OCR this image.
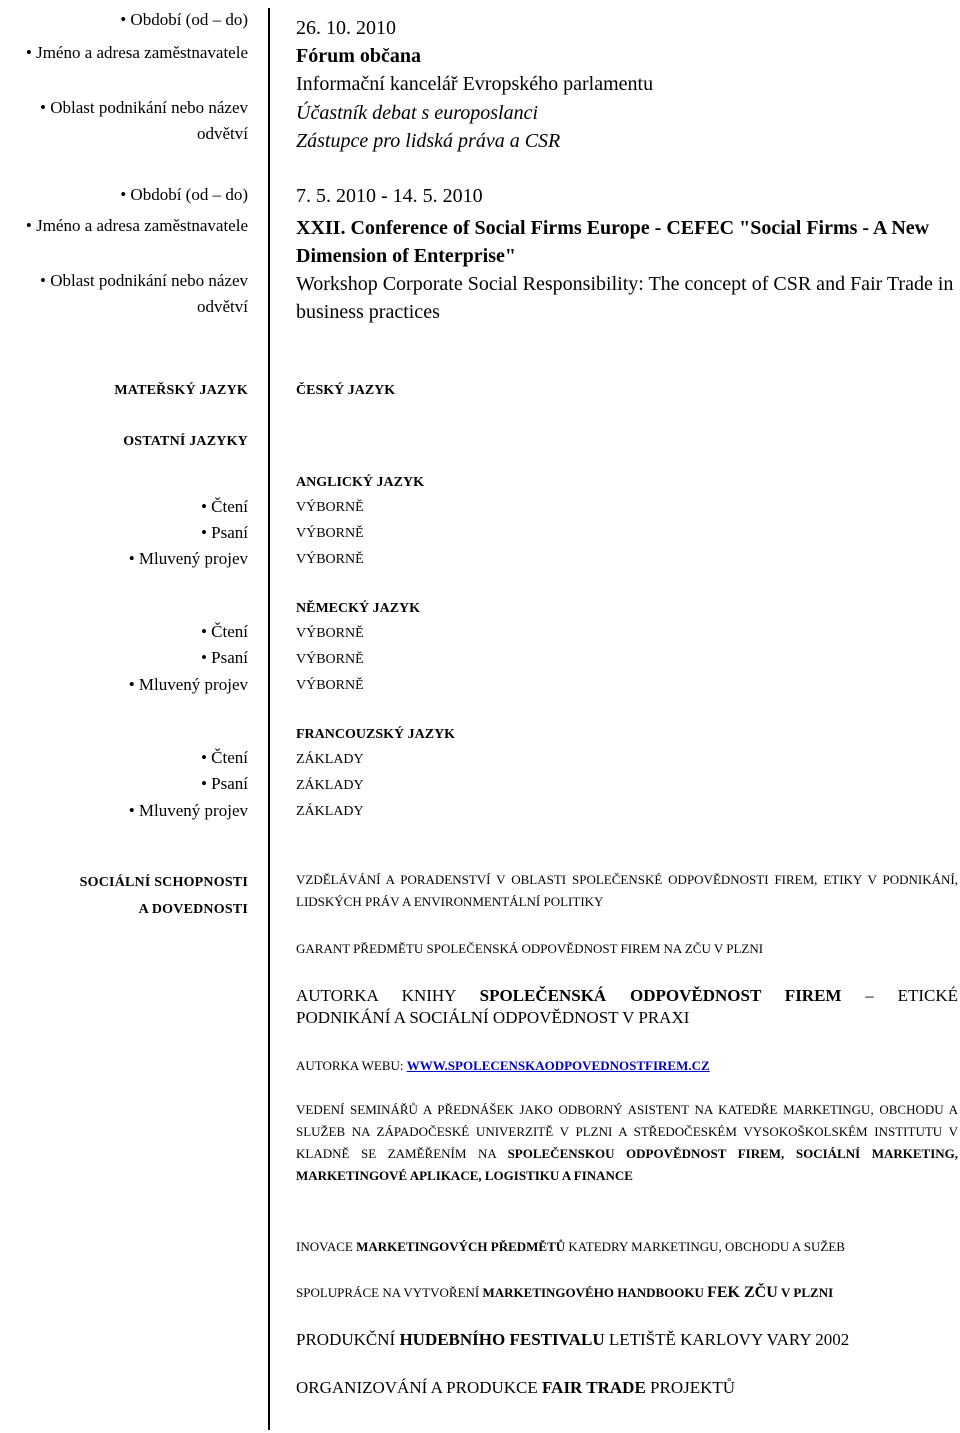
• Období (od – do)
• Jméno a adresa zaměstnavatele
• Oblast podnikání nebo název odvětví
26. 10. 2010
Fórum občana
Informační kancelář Evropského parlamentu
Účastník debat s europoslanci
Zástupce pro lidská práva a CSR
• Období (od – do)
• Jméno a adresa zaměstnavatele
• Oblast podnikání nebo název odvětví
7. 5. 2010 - 14. 5. 2010
XXII. Conference of Social Firms Europe - CEFEC "Social Firms - A New Dimension of Enterprise"
Workshop Corporate Social Responsibility: The concept of CSR and Fair Trade in business practices
MATEŘSKÝ JAZYK	ČESKÝ JAZYK
OSTATNÍ JAZYKY
ANGLICKÝ JAZYK
• Čtení
• Psaní
• Mluvený projev
VÝBORNĚ
VÝBORNĚ
VÝBORNĚ
NĚMECKÝ JAZYK
• Čtení
• Psaní
• Mluvený projev
VÝBORNĚ
VÝBORNĚ
VÝBORNĚ
FRANCOUZSKÝ JAZYK
• Čtení
• Psaní
• Mluvený projev
ZÁKLADY
ZÁKLADY
ZÁKLADY
SOCIÁLNÍ SCHOPNOSTI
A DOVEDNOSTI
VZDĚLÁVÁNÍ A PORADENSTVÍ V OBLASTI SPOLEČENSKÉ ODPOVĚDNOSTI FIREM, ETIKY V PODNIKÁNÍ, LIDSKÝCH PRÁV A ENVIRONMENTÁLNÍ POLITIKY
GARANT PŘEDMĚTU SPOLEČENSKÁ ODPOVĚDNOST FIREM NA ZČU V PLZNI
AUTORKA KNIHY SPOLEČENSKÁ ODPOVĚDNOST FIREM – ETICKÉ
PODNIKÁNÍ A SOCIÁLNÍ ODPOVĚDNOST V PRAXI
AUTORKA WEBU: WWW.SPOLECENSKAODPOVEDNOSTFIREM.CZ
VEDENÍ SEMINÁŘŮ A PŘEDNÁŠEK JAKO ODBORNÝ ASISTENT NA KATEDŘE MARKETINGU, OBCHODU A SLUŽEB NA ZÁPADOČESKÉ UNIVERZITĚ V PLZNI A STŘEDOČESKÉM VYSOKOŠKOLSKÉM INSTITUTU V KLADNĚ SE ZAMĚŘENÍM NA SPOLEČENSKOU ODPOVĚDNOST FIREM, SOCIÁLNÍ MARKETING, MARKETINGOVÉ APLIKACE, LOGISTIKU A FINANCE
INOVACE MARKETINGOVÝCH PŘEDMĚTŮ KATEDRY MARKETINGU, OBCHODU A SUŽEB
SPOLUPRÁCE NA VYTVOŘENÍ MARKETINGOVÉHO HANDBOOKU FEK ZČU V PLZNI
PRODUKČNÍ HUDEBNÍHO FESTIVALU LETIŠTĚ KARLOVY VARY 2002
ORGANIZOVÁNÍ A PRODUKCE FAIR TRADE PROJEKTŮ
